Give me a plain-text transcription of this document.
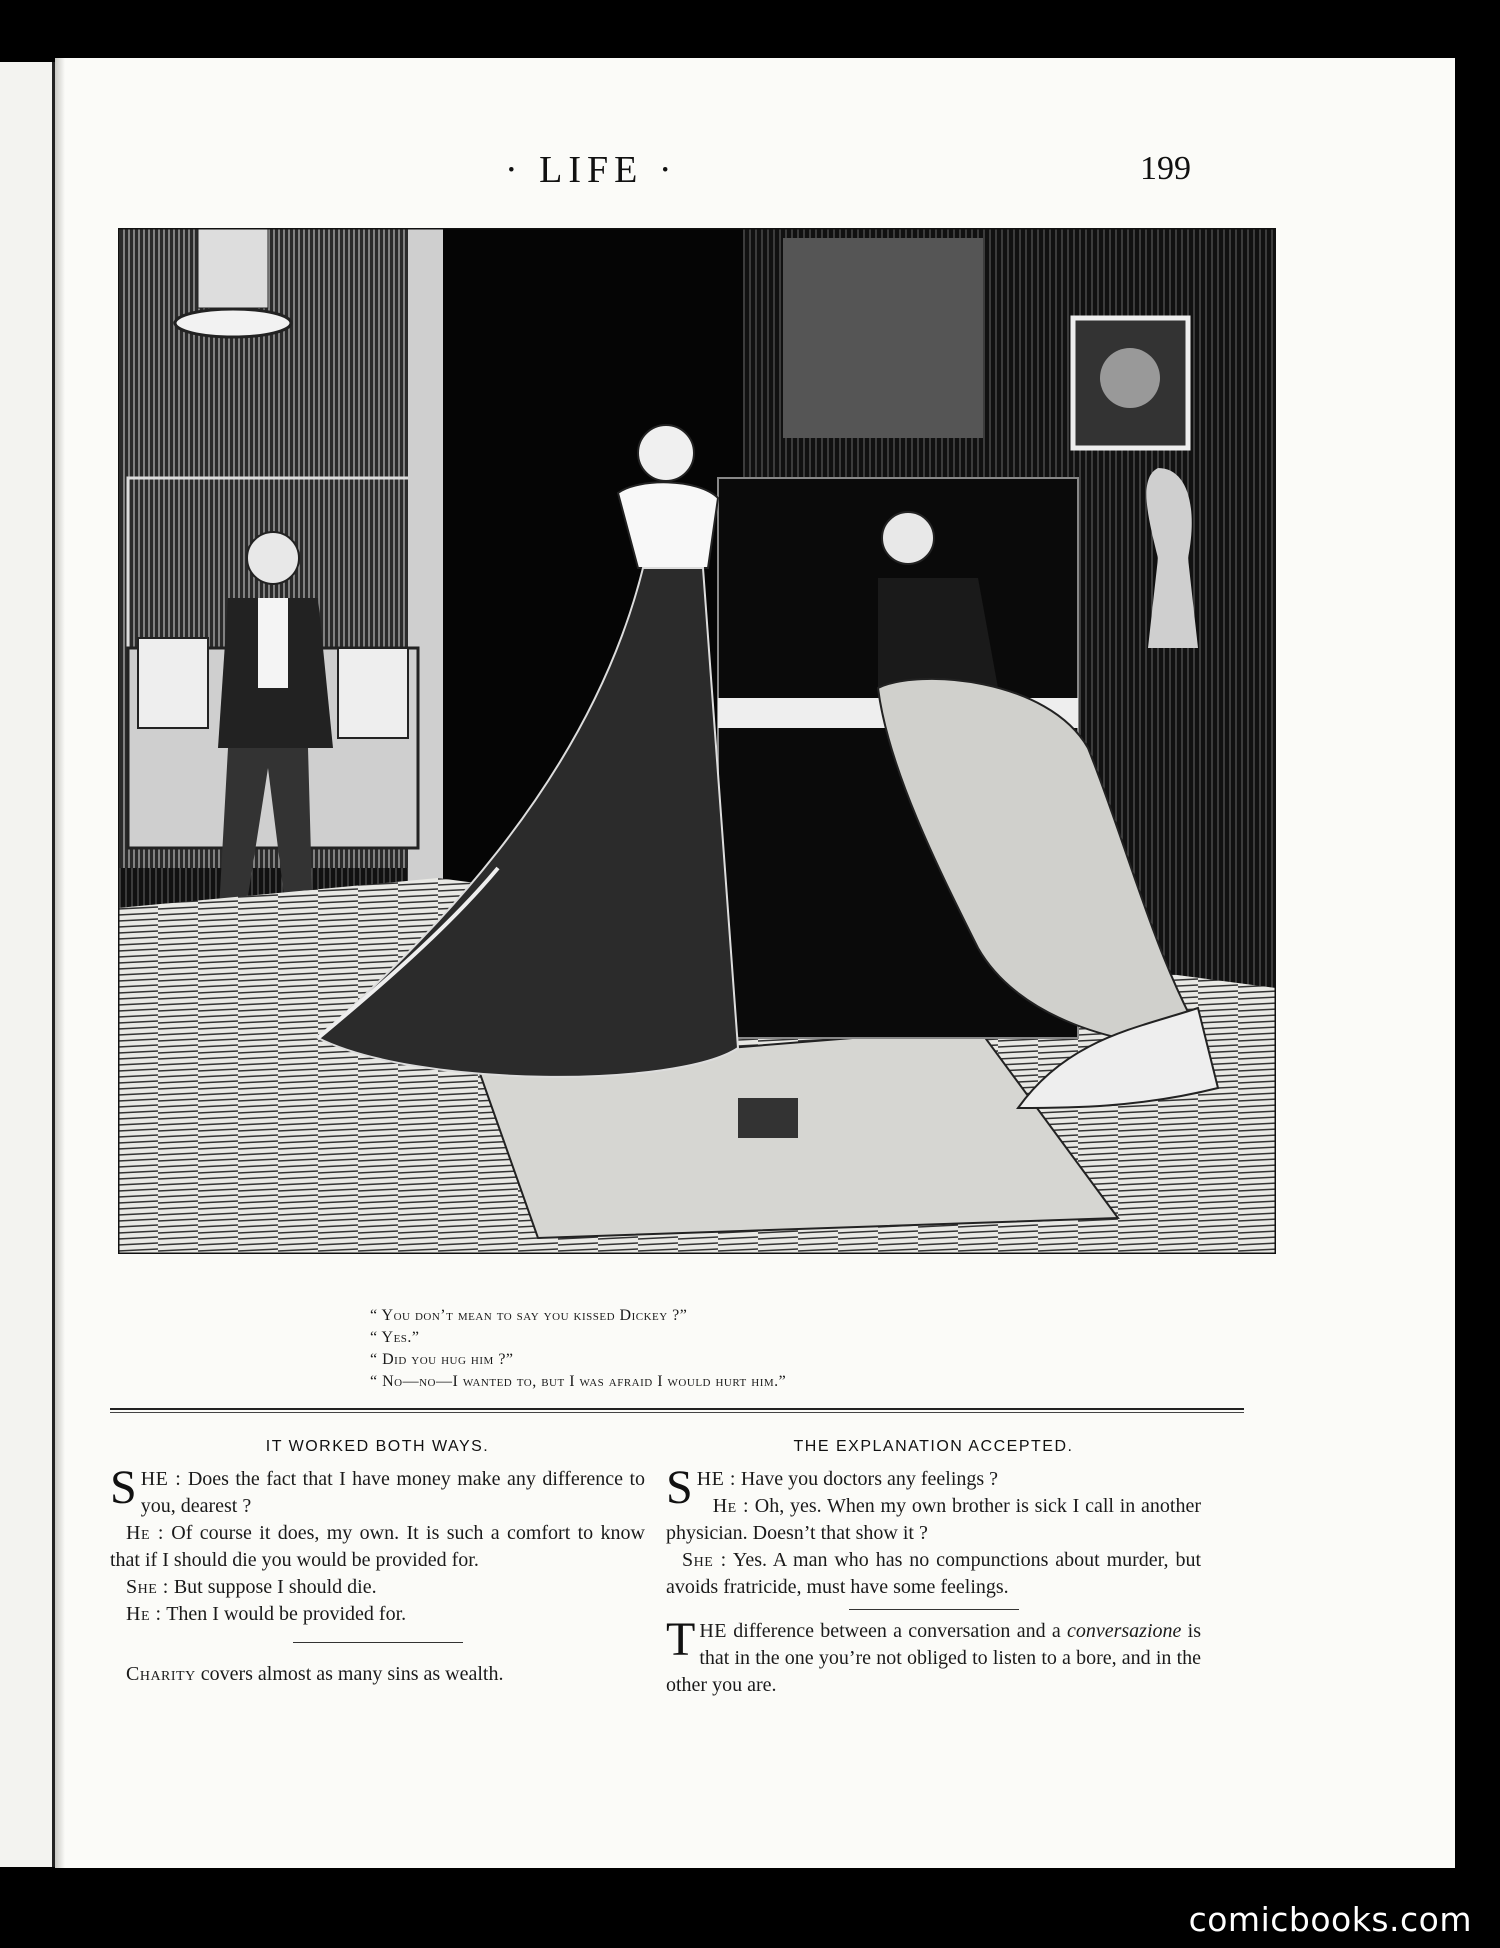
· LIFE ·	199
“ You don’t mean to say you kissed Dickey ?”
“ Yes.”
“ Did you hug him ?”
“ No—no—I wanted to, but I was afraid I would hurt him.”
IT WORKED BOTH WAYS.

SHE : Does the fact that I have money make any difference to you, dearest ?

He : Of course it does, my own. It is such a comfort to know that if I should die you would be provided for.

She : But suppose I should die.

He : Then I would be provided for.

Charity covers almost as many sins as wealth.

THE EXPLANATION ACCEPTED.

SHE : Have you doctors any feelings ?

He : Oh, yes. When my own brother is sick I call in another physician. Doesn’t that show it ?

She : Yes. A man who has no compunctions about murder, but avoids fratricide, must have some feelings.

THE difference between a conversation and a conversazione is that in the one you’re not obliged to listen to a bore, and in the other you are.

comicbooks.com
